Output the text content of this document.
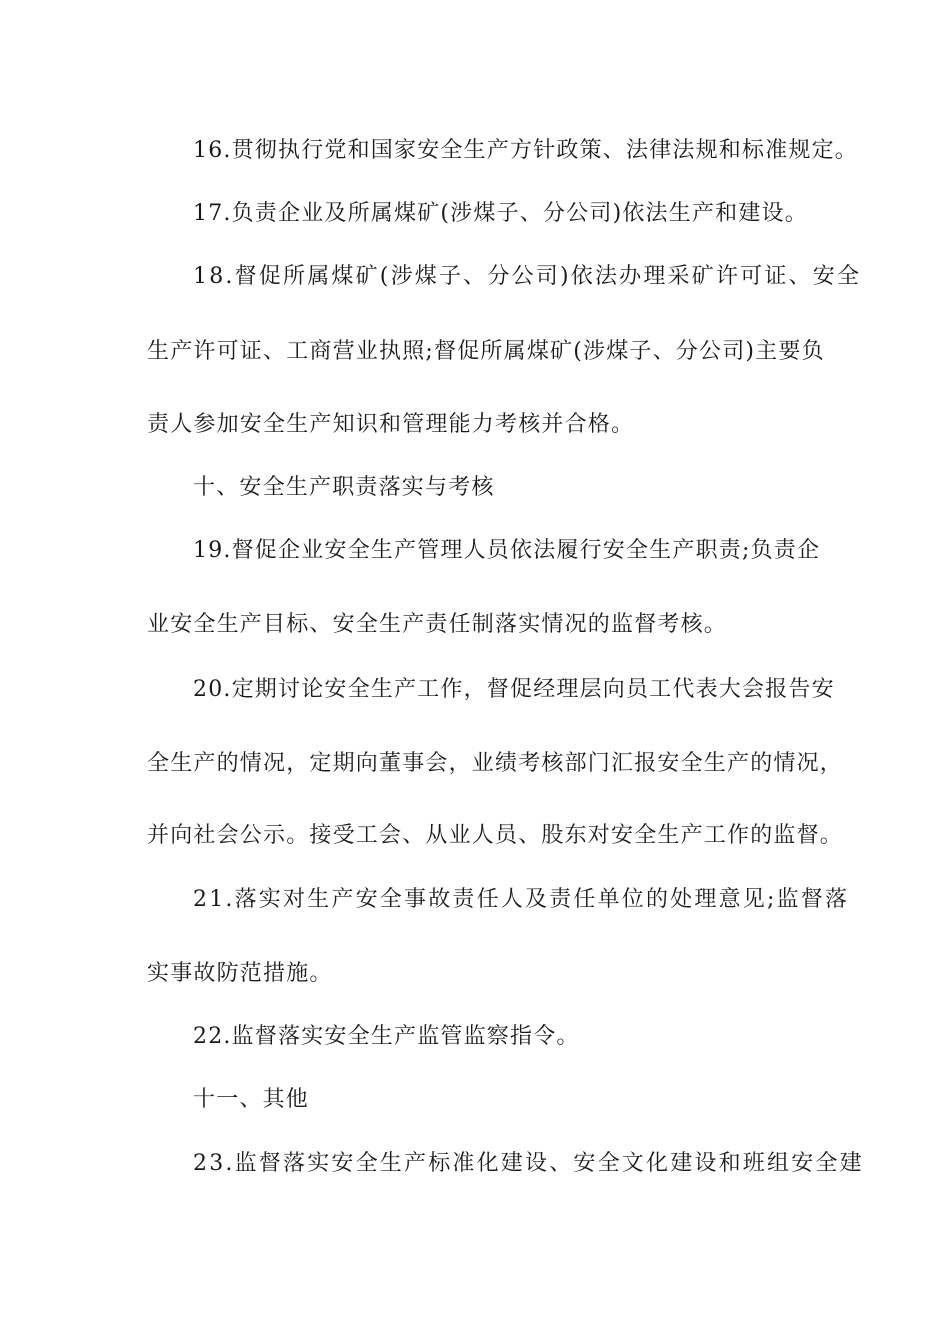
16.贯彻执行党和国家安全生产方针政策、法律法规和标准规定。
17.负责企业及所属煤矿(涉煤子、分公司)依法生产和建设。
18.督促所属煤矿(涉煤子、分公司)依法办理采矿许可证、安全
生产许可证、工商营业执照;督促所属煤矿(涉煤子、分公司)主要负
责人参加安全生产知识和管理能力考核并合格。
十、安全生产职责落实与考核
19.督促企业安全生产管理人员依法履行安全生产职责;负责企
业安全生产目标、安全生产责任制落实情况的监督考核。
20.定期讨论安全生产工作，督促经理层向员工代表大会报告安
全生产的情况，定期向董事会，业绩考核部门汇报安全生产的情况，
并向社会公示。接受工会、从业人员、股东对安全生产工作的监督。
21.落实对生产安全事故责任人及责任单位的处理意见;监督落
实事故防范措施。
22.监督落实安全生产监管监察指令。
十一、其他
23.监督落实安全生产标准化建设、安全文化建设和班组安全建
